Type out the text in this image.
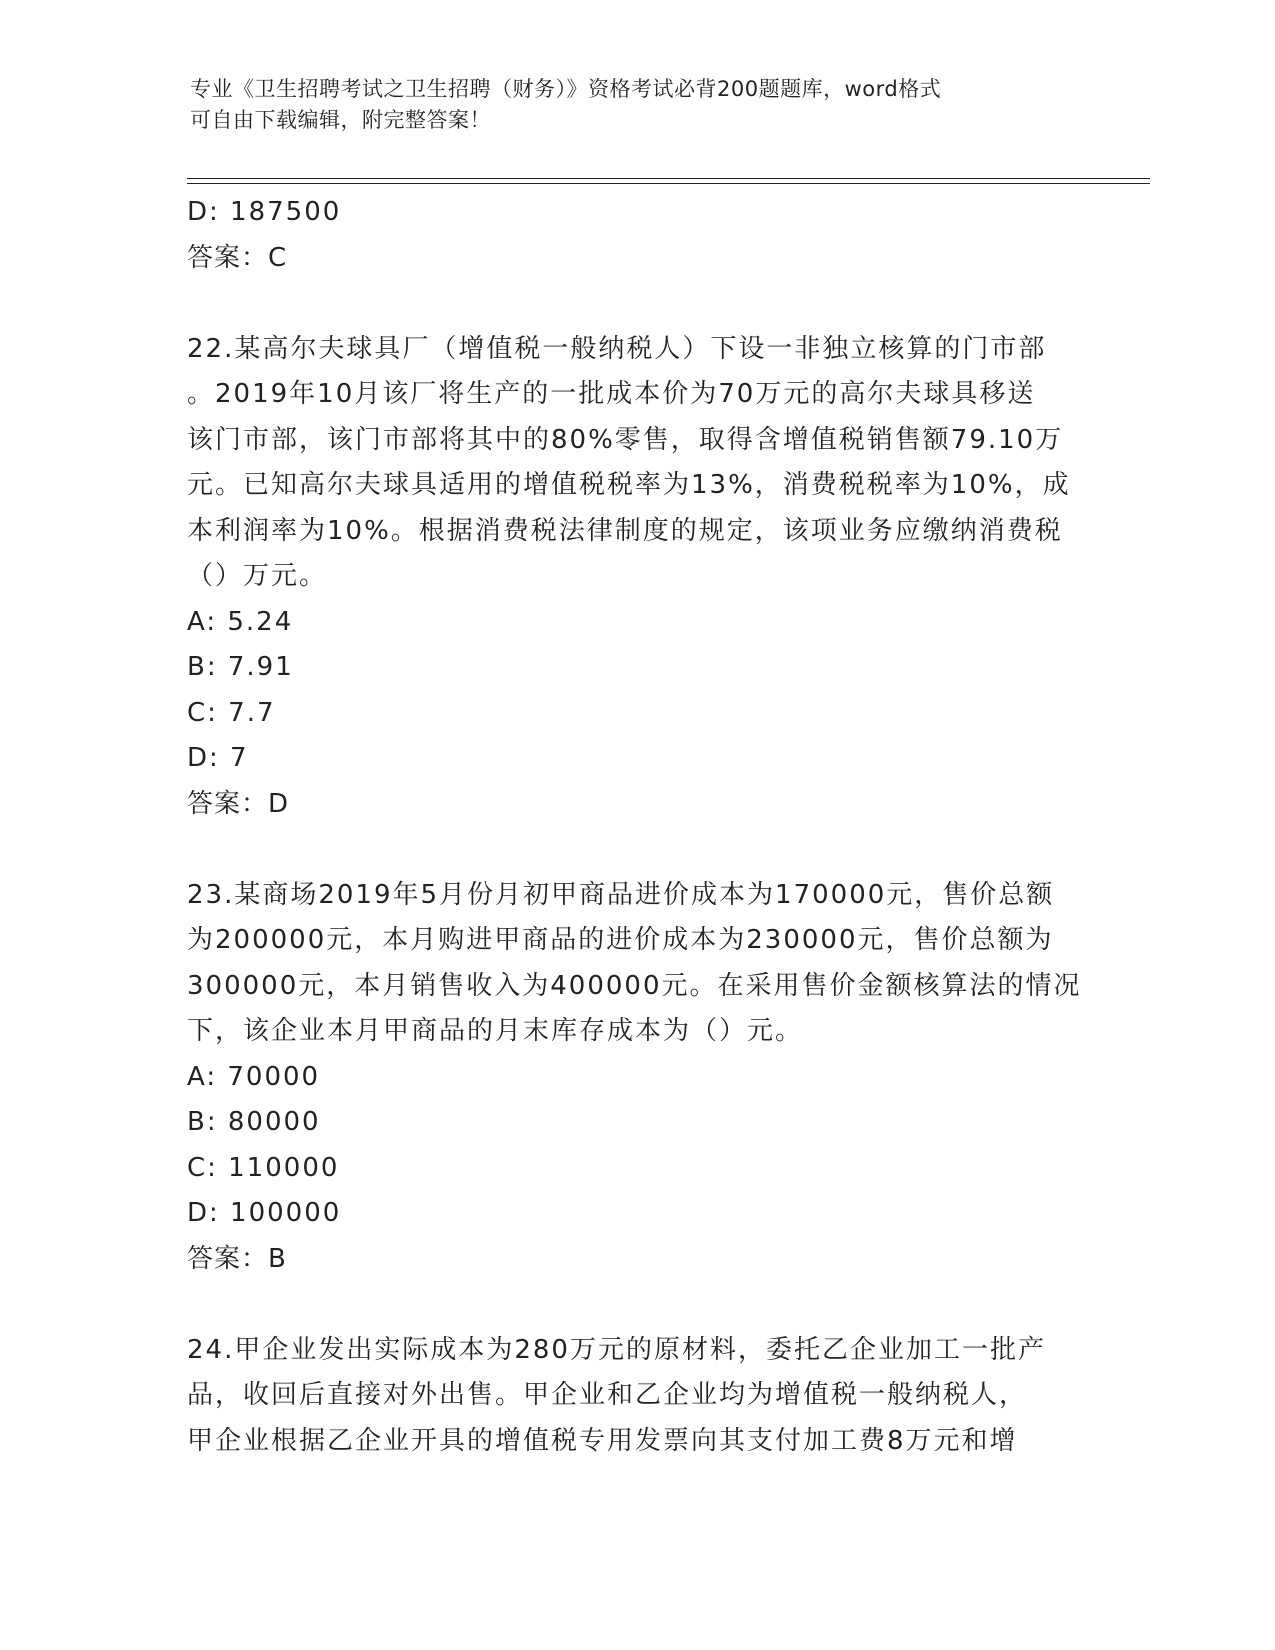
专业《卫生招聘考试之卫生招聘（财务）》资格考试必背200题题库，word格式
可自由下载编辑，附完整答案！
D: 187500
答案：C
22.某高尔夫球具厂（增值税一般纳税人）下设一非独立核算的门市部
。2019年10月该厂将生产的一批成本价为70万元的高尔夫球具移送
该门市部，该门市部将其中的80%零售，取得含增值税销售额79.10万
元。已知高尔夫球具适用的增值税税率为13%，消费税税率为10%，成
本利润率为10%。根据消费税法律制度的规定，该项业务应缴纳消费税
（）万元。
A: 5.24
B: 7.91
C: 7.7
D: 7
答案：D
23.某商场2019年5月份月初甲商品进价成本为170000元，售价总额
为200000元，本月购进甲商品的进价成本为230000元，售价总额为
300000元，本月销售收入为400000元。在采用售价金额核算法的情况
下，该企业本月甲商品的月末库存成本为（）元。
A: 70000
B: 80000
C: 110000
D: 100000
答案：B
24.甲企业发出实际成本为280万元的原材料，委托乙企业加工一批产
品，收回后直接对外出售。甲企业和乙企业均为增值税一般纳税人，
甲企业根据乙企业开具的增值税专用发票向其支付加工费8万元和增
